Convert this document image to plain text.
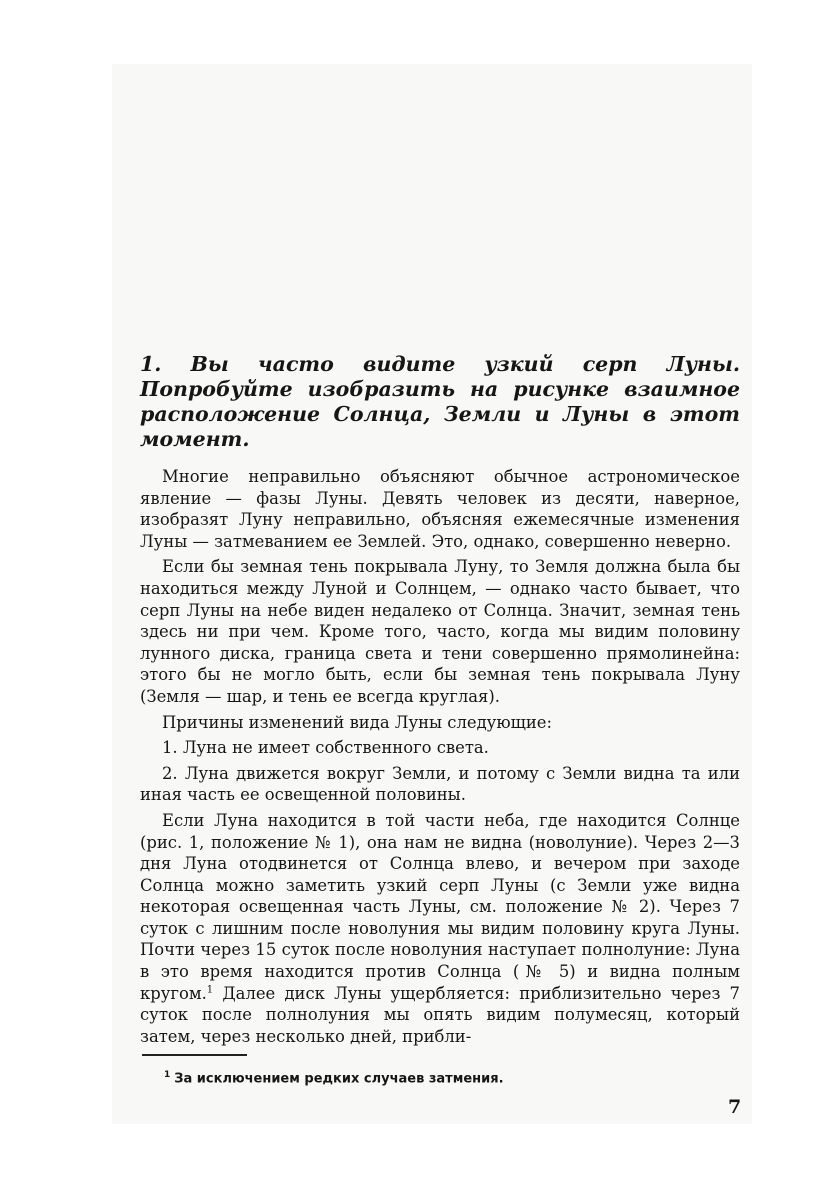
1. Вы часто видите узкий серп Луны. Попробуйте изобразить на рисунке взаимное расположение Солнца, Земли и Луны в этот момент.

Многие неправильно объясняют обычное астрономическое явление — фазы Луны. Девять человек из десяти, наверное, изобразят Луну неправильно, объясняя ежемесячные изменения Луны — затмеванием ее Землей. Это, однако, совершенно неверно.

Если бы земная тень покрывала Луну, то Земля должна была бы находиться между Луной и Солнцем, — однако часто бывает, что серп Луны на небе виден недалеко от Солнца. Значит, земная тень здесь ни при чем. Кроме того, часто, когда мы видим половину лунного диска, граница света и тени совершенно прямолинейна: этого бы не могло быть, если бы земная тень покрывала Луну (Земля — шар, и тень ее всегда круглая).

Причины изменений вида Луны следующие:

1. Луна не имеет собственного света.

2. Луна движется вокруг Земли, и потому с Земли видна та или иная часть ее освещенной половины.

Если Луна находится в той части неба, где находится Солнце (рис. 1, положение № 1), она нам не видна (новолуние). Через 2—3 дня Луна отодвинется от Солнца влево, и вечером при заходе Солнца можно заметить узкий серп Луны (с Земли уже видна некоторая освещенная часть Луны, см. положение № 2). Через 7 суток с лишним после новолуния мы видим половину круга Луны. Почти через 15 суток после новолуния наступает полнолуние: Луна в это время находится против Солнца (№ 5) и видна полным кругом.$^1$ Далее диск Луны ущербляется: приблизительно через 7 суток после полнолуния мы опять видим полумесяц, который затем, через несколько дней, прибли-

$^1$ За исключением редких случаев затмения.
7
